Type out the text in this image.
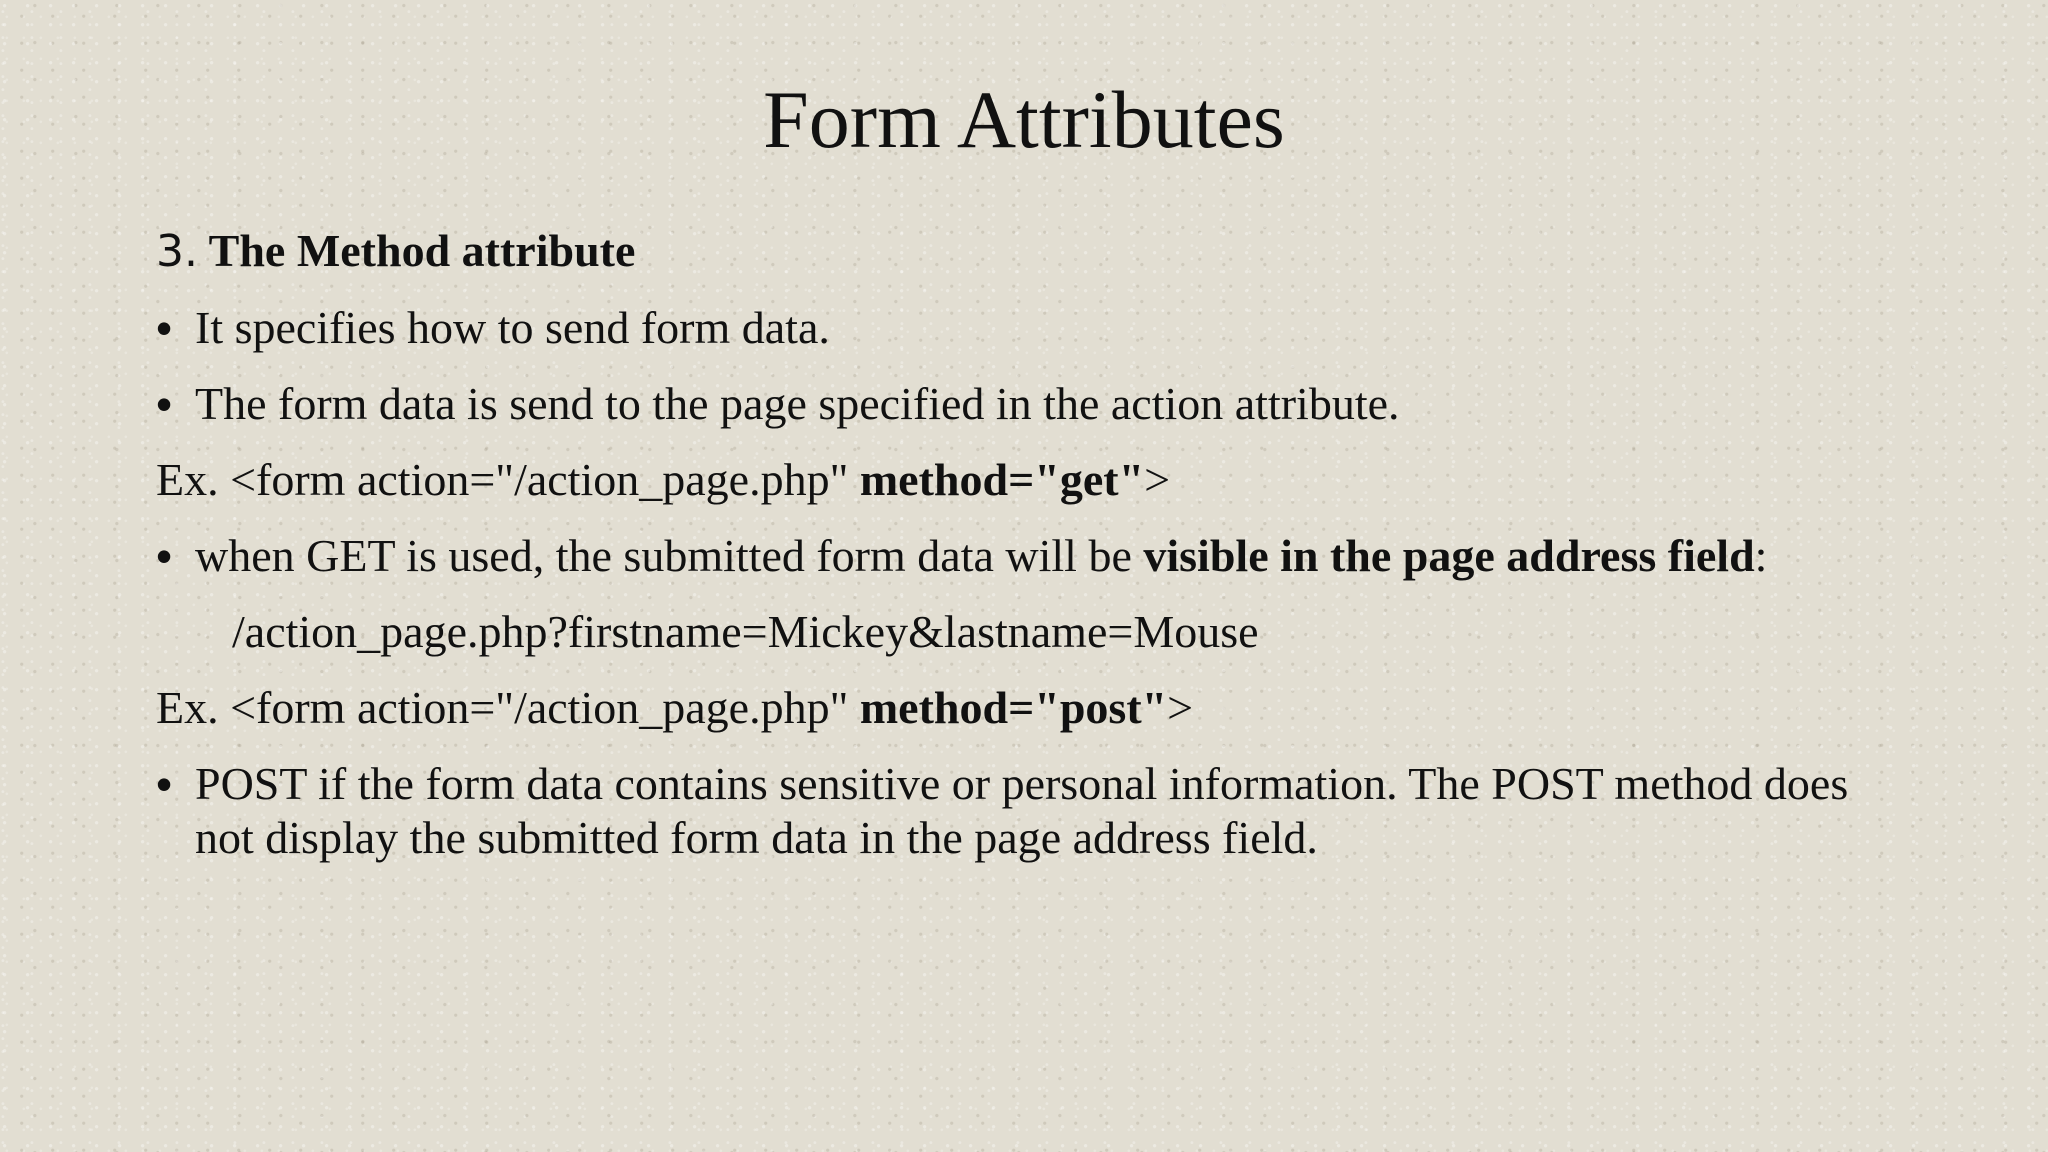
Form Attributes
3. The Method attribute
• It specifies how to send form data.
• The form data is send to the page specified in the action attribute.
Ex. <form action="/action_page.php" method="get">
• when GET is used, the submitted form data will be visible in the page address field:
/action_page.php?firstname=Mickey&lastname=Mouse
Ex. <form action="/action_page.php" method="post">
• POST if the form data contains sensitive or personal information. The POST method does not display the submitted form data in the page address field.
